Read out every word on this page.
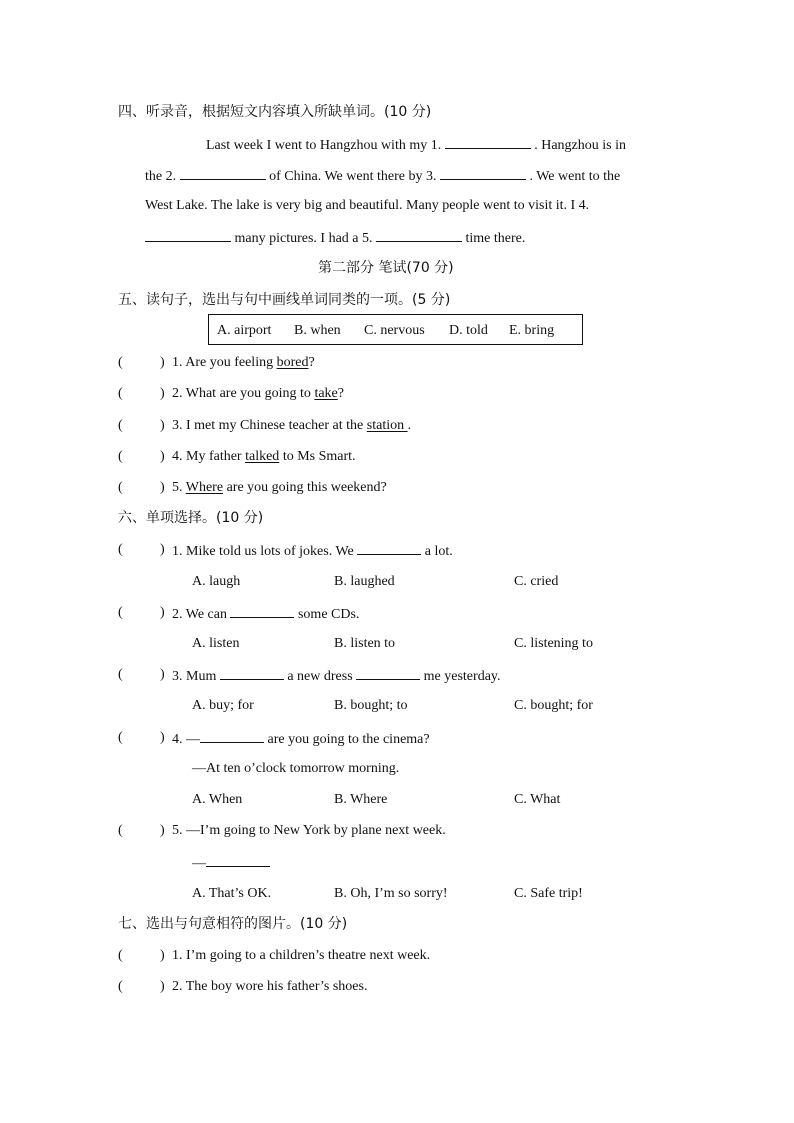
四、听录音，根据短文内容填入所缺单词。(10 分)
Last week I went to Hangzhou with my 1.	. Hangzhou is in
the 2.	of China. We went there by 3.	. We went to the
West Lake. The lake is very big and beautiful. Many people went to visit it. I 4.
many pictures. I had a 5.	time there.
第二部分 笔试(70 分)
五、读句子，选出与句中画线单词同类的一项。(5 分)
A. airport B. when C. nervous D. told E. bring
(	) 1. Are you feeling bored?
(	) 2. What are you going to take?
(	) 3. I met my Chinese teacher at the station .
(	) 4. My father talked to Ms Smart.
(	) 5. Where are you going this weekend?
六、单项选择。(10 分)
(	) 1. Mike told us lots of jokes. We	a lot.
A. laugh	B. laughed	C. cried
(	) 2. We can	some CDs.
A. listen	B. listen to	C. listening to
(	) 3. Mum	a new dress	me yesterday.
A. buy; for	B. bought; to	C. bought; for
(	) 4. —	are you going to the cinema?
—At ten o’clock tomorrow morning.
A. When	B. Where	C. What
(	) 5. —I’m going to New York by plane next week.
—
A. That’s OK.	B. Oh, I’m so sorry!	C. Safe trip!
七、选出与句意相符的图片。(10 分)
(	) 1. I’m going to a children’s theatre next week.
(	) 2. The boy wore his father’s shoes.
